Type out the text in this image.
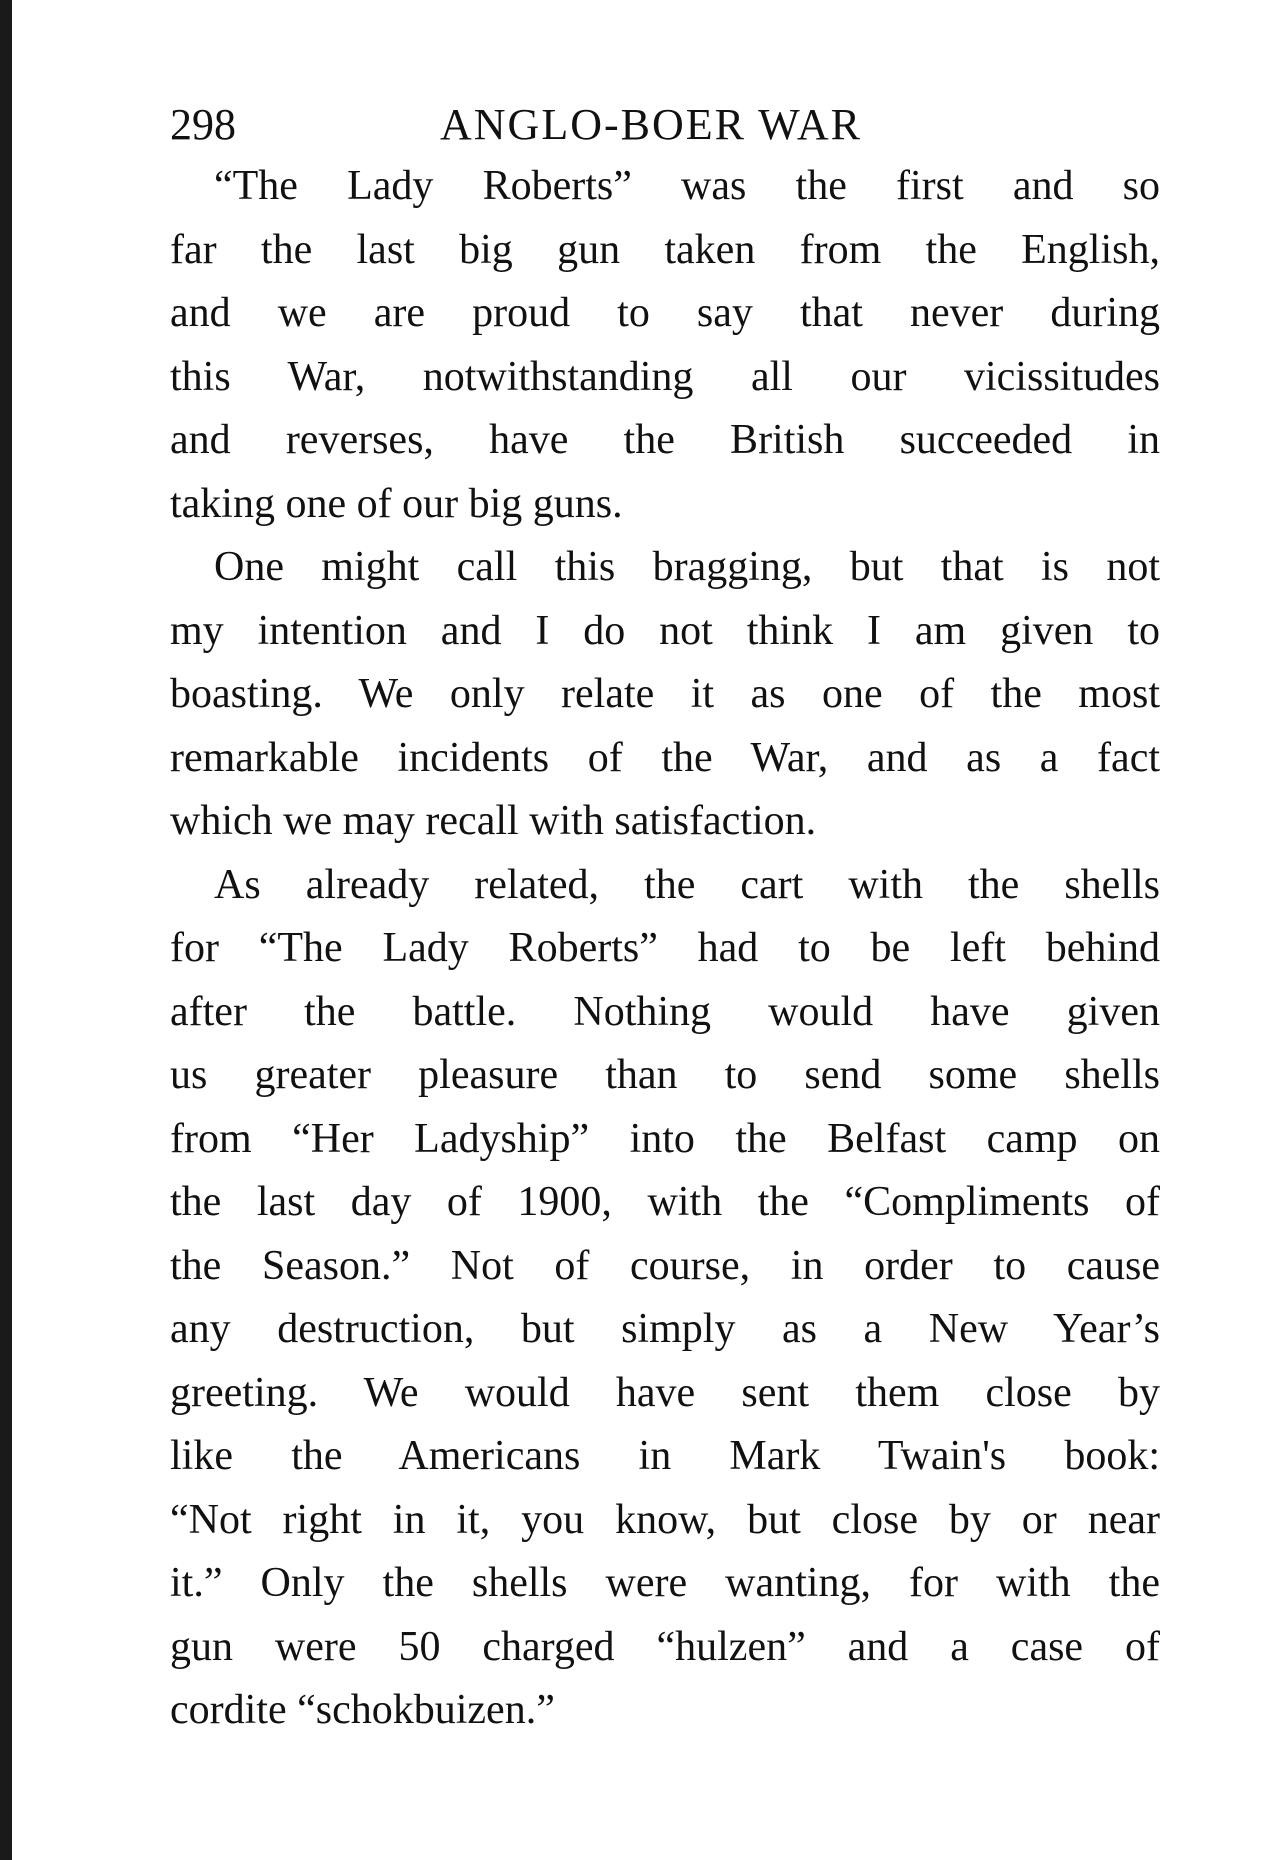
298	ANGLO-BOER WAR
“The Lady Roberts” was the first and so
far the last big gun taken from the English,
and we are proud to say that never during
this War, notwithstanding all our vicissitudes
and reverses, have the British succeeded in
taking one of our big guns.
One might call this bragging, but that is not
my intention and I do not think I am given to
boasting. We only relate it as one of the most
remarkable incidents of the War, and as a fact
which we may recall with satisfaction.
As already related, the cart with the shells
for “The Lady Roberts” had to be left behind
after the battle. Nothing would have given
us greater pleasure than to send some shells
from “Her Ladyship” into the Belfast camp on
the last day of 1900, with the “Compliments of
the Season.” Not of course, in order to cause
any destruction, but simply as a New Year’s
greeting. We would have sent them close by
like the Americans in Mark Twain's book:
“Not right in it, you know, but close by or near
it.” Only the shells were wanting, for with the
gun were 50 charged “hulzen” and a case of
cordite “schokbuizen.”
